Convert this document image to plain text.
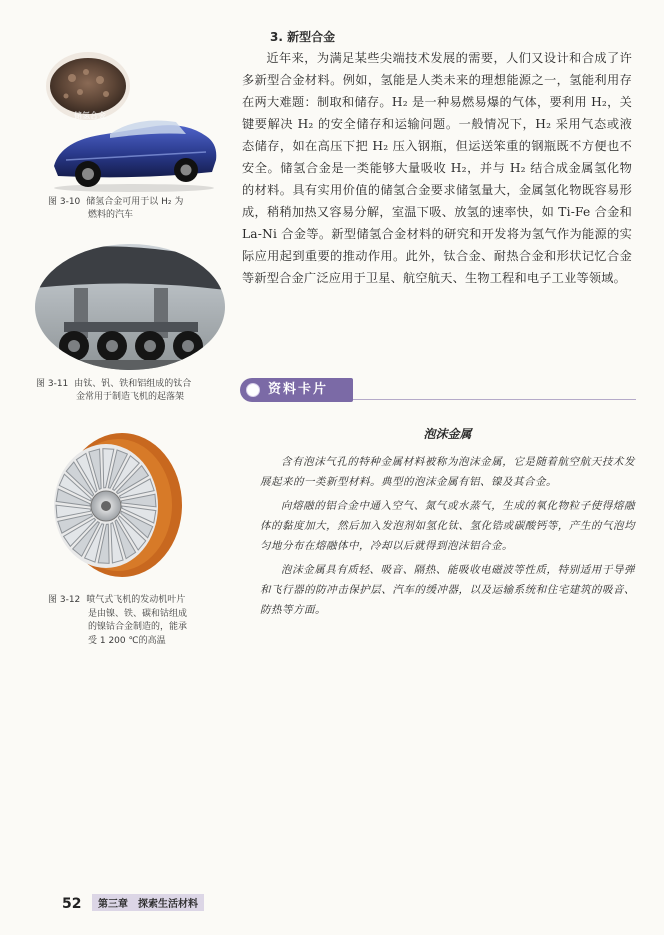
储氢合金
图 3-10 储氢合金可用于以 H₂ 为
燃料的汽车
图 3-11 由钛、钒、铁和铝组成的钛合
金常用于制造飞机的起落架
图 3-12 喷气式飞机的发动机叶片
是由镍、铁、碳和钴组成
的镍钴合金制造的，能承
受 1 200 ℃的高温
3. 新型合金

近年来，为满足某些尖端技术发展的需要，人们又设计和合成了许多新型合金材料。例如，氢能是人类未来的理想能源之一，氢能利用存在两大难题：制取和储存。H₂ 是一种易燃易爆的气体，要利用 H₂，关键要解决 H₂ 的安全储存和运输问题。一般情况下，H₂ 采用气态或液态储存，如在高压下把 H₂ 压入钢瓶，但运送笨重的钢瓶既不方便也不安全。储氢合金是一类能够大量吸收 H₂，并与 H₂ 结合成金属氢化物的材料。具有实用价值的储氢合金要求储氢量大，金属氢化物既容易形成，稍稍加热又容易分解，室温下吸、放氢的速率快，如 Ti-Fe 合金和 La-Ni 合金等。新型储氢合金材料的研究和开发将为氢气作为能源的实际应用起到重要的推动作用。此外，钛合金、耐热合金和形状记忆合金等新型合金广泛应用于卫星、航空航天、生物工程和电子工业等领域。

资料卡片
泡沫金属

含有泡沫气孔的特种金属材料被称为泡沫金属，它是随着航空航天技术发展起来的一类新型材料。典型的泡沫金属有铝、镍及其合金。

向熔融的铝合金中通入空气、氮气或水蒸气，生成的氧化物粒子使得熔融体的黏度加大，然后加入发泡剂如氢化钛、氢化锆或碳酸钙等，产生的气泡均匀地分布在熔融体中，冷却以后就得到泡沫铝合金。

泡沫金属具有质轻、吸音、隔热、能吸收电磁波等性质，特别适用于导弹和飞行器的防冲击保护层、汽车的缓冲器，以及运输系统和住宅建筑的吸音、防热等方面。

52	第三章　探索生活材料
